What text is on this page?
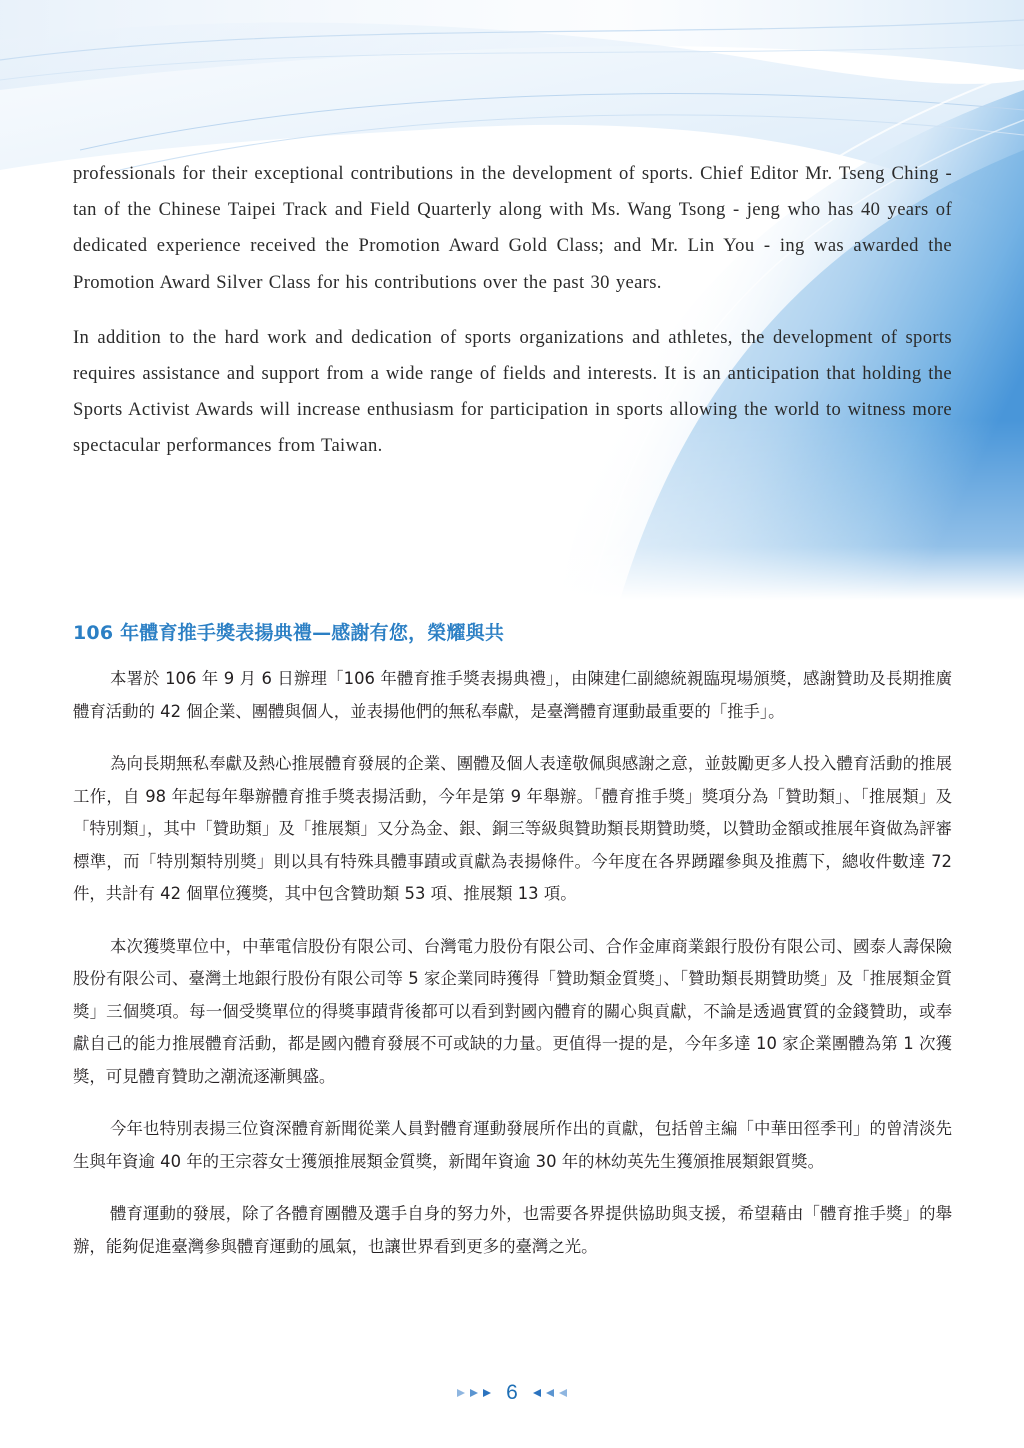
professionals for their exceptional contributions in the development of sports. Chief Editor Mr. Tseng Ching - tan of the Chinese Taipei Track and Field Quarterly along with Ms. Wang Tsong - jeng who has 40 years of dedicated experience received the Promotion Award Gold Class; and Mr. Lin You - ing was awarded the Promotion Award Silver Class for his contributions over the past 30 years.

In addition to the hard work and dedication of sports organizations and athletes, the development of sports requires assistance and support from a wide range of fields and interests. It is an anticipation that holding the Sports Activist Awards will increase enthusiasm for participation in sports allowing the world to witness more spectacular performances from Taiwan.

106 年體育推手獎表揚典禮—感謝有您，榮耀與共

本署於 106 年 9 月 6 日辦理「106 年體育推手獎表揚典禮」，由陳建仁副總統親臨現場頒獎，感謝贊助及長期推廣體育活動的 42 個企業、團體與個人，並表揚他們的無私奉獻，是臺灣體育運動最重要的「推手」。

為向長期無私奉獻及熱心推展體育發展的企業、團體及個人表達敬佩與感謝之意，並鼓勵更多人投入體育活動的推展工作，自 98 年起每年舉辦體育推手獎表揚活動，今年是第 9 年舉辦。「體育推手獎」獎項分為「贊助類」、「推展類」及「特別類」，其中「贊助類」及「推展類」又分為金、銀、銅三等級與贊助類長期贊助獎，以贊助金額或推展年資做為評審標準，而「特別類特別獎」則以具有特殊具體事蹟或貢獻為表揚條件。今年度在各界踴躍參與及推薦下，總收件數達 72 件，共計有 42 個單位獲獎，其中包含贊助類 53 項、推展類 13 項。

本次獲獎單位中，中華電信股份有限公司、台灣電力股份有限公司、合作金庫商業銀行股份有限公司、國泰人壽保險股份有限公司、臺灣土地銀行股份有限公司等 5 家企業同時獲得「贊助類金質獎」、「贊助類長期贊助獎」及「推展類金質獎」三個獎項。每一個受獎單位的得獎事蹟背後都可以看到對國內體育的關心與貢獻，不論是透過實質的金錢贊助，或奉獻自己的能力推展體育活動，都是國內體育發展不可或缺的力量。更值得一提的是，今年多達 10 家企業團體為第 1 次獲獎，可見體育贊助之潮流逐漸興盛。

今年也特別表揚三位資深體育新聞從業人員對體育運動發展所作出的貢獻，包括曾主編「中華田徑季刊」的曾清淡先生與年資逾 40 年的王宗蓉女士獲頒推展類金質獎，新聞年資逾 30 年的林幼英先生獲頒推展類銀質獎。

體育運動的發展，除了各體育團體及選手自身的努力外，也需要各界提供協助與支援，希望藉由「體育推手獎」的舉辦，能夠促進臺灣參與體育運動的風氣，也讓世界看到更多的臺灣之光。

6
